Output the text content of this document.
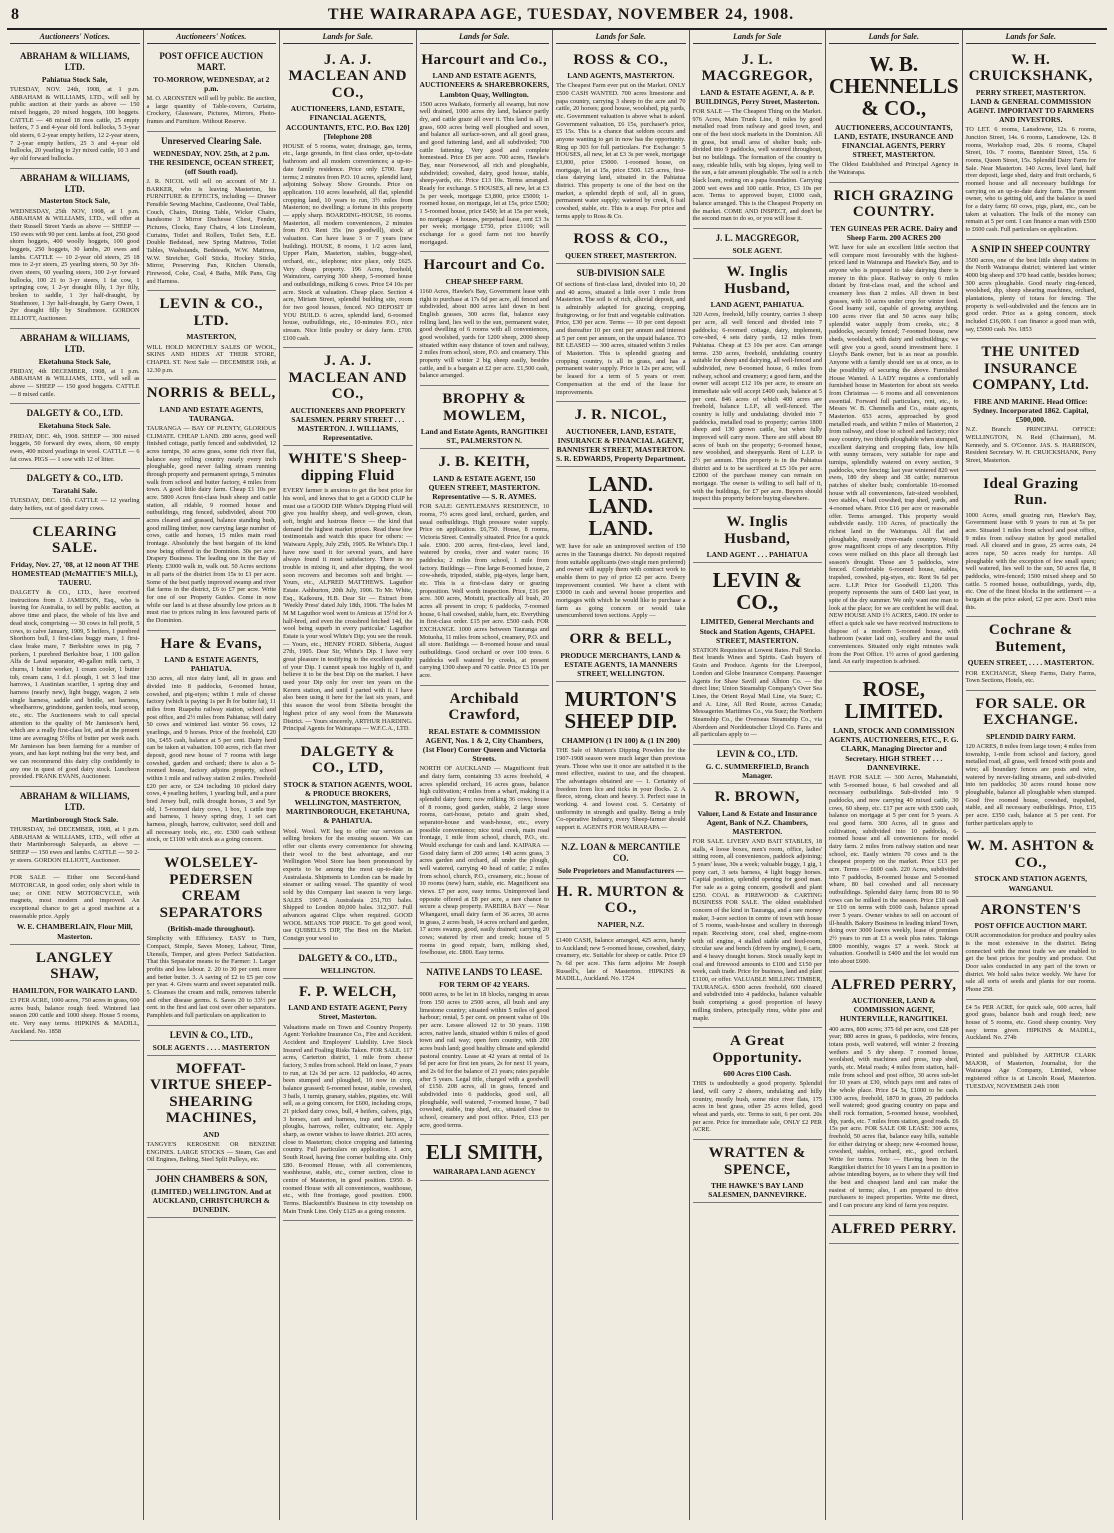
8	THE WAIRARAPA AGE, TUESDAY, NOVEMBER 24, 1908.
Auctioneers' Notices.
ABRAHAM & WILLIAMS, LTD.
Pahiatua Stock Sale,
TUESDAY, NOV. 24th, 1908, at 1 p.m. ABRAHAM & WILLIAMS, LTD., will sell by public auction at their yards as above — 150 mixed hoggets, 20 mixed hoggets, 100 hoggets. CATTLE — 48 mixed 18 mos cattle, 25 empty heifers, 7 3 and 4-year old ford. bullocks, 5 3-year old steers, 6 2-year empty heifers, 12 2-year steers, 7 2-year empty heifers, 25 3 and 4-year old bullocks, 20 yearling to 2yr mixed cattle, 10 3 and 4yr old forward bullocks.
ABRAHAM & WILLIAMS, LTD.
Masterton Stock Sale,
WEDNESDAY, 25th NOV, 1908, at 1 p.m. ABRAHAM & WILLIAMS, LTD., will offer at their Russell Street Yards as above — SHEEP — 150 ewes with 90 per cent. lambs at foot, 250 good shorn hoggets, 400 woolly hoggets, 100 good hoggets, 250 hoggets, 30 lambs, 20 ewes and lambs. CATTLE — 10 2-year old steers, 25 18 mos to 2-yr steers, 25 yearling steers, 50 3yr 3ft-riven steers, 60 yearling steers, 100 2-yr forward bullocks, 100 21 to 3-yr steers, 1 fat cow, 1 springing cow, 1 2-yr draught filly, 1 3yr filly, broken to saddle, 1 3yr half-draught, by Strathmore, 1 3yr half-draught, by Garry Owen, 1 2yr draught filly by Strathmore. GORDON ELLIOTT, Auctioneer.
ABRAHAM & WILLIAMS, LTD.
Eketahuna Stock Sale,
FRIDAY, 4th DECEMBER, 1908, at 1 p.m. ABRAHAM & WILLIAMS, LTD., will sell as above — SHEEP — 150 good hoggets. CATTLE — 8 mixed cattle.
DALGETY & CO., LTD.
Eketahuna Stock Sale.
FRIDAY, DEC. 4th, 1908. SHEEP — 300 mixed hoggets, 50 forward dry ewes, shorn, 60 empty ewes, 400 mixed yearlings in wool. CATTLE — 6 fat cows. PIGS — 1 sow with 12 of litter.
DALGETY & CO., LTD.
Taratahi Sale.
TUESDAY, DEC. 15th. CATTLE — 12 yearling dairy heifers, out of good dairy cows.
CLEARING SALE.
Friday, Nov. 27, '08, at 12 noon AT THE HOMESTEAD (McMATTIE'S MILL), TAUERU.
DALGETY & CO., LTD., have received instructions from J. JAMIESON, Esq., who is leaving for Australia, to sell by public auction, at above time and place, the whole of his live and dead stock, comprising — 30 cows in full profit, 5 cows, to calve January, 1909, 5 heifers, 1 purebred Shorthorn bull, 1 first-class buggy mare, 1 first-class brake mare, 7 Berkshire sows in pig, 7 porkers, 1 purebred Berkshire boar, 1 100 gallon Alfa de Laval separator, 40-gallon milk carts, 3 churns, 1 butter worker, 1 cream cooler, 1 butter tub, cream cans, 1 d.f. plough, 1 set 3 leaf tine harrows, 1 Austinian scarifier, 1 spring dray and harness (nearly new), light buggy, wagon, 2 sets single harness, saddle and bridle, set harness, wheelbarrow, grindstone, garden tools, mud scoop, etc., etc. The Auctioneers wish to call special attention to the quality of Mr Jamieson's herd, which are a really first-class lot, and at the present time are averaging 5½lbs of butter per week each. Mr Jamieson has been farming for a number of years, and has kept nothing but the very best, and we can recommend this dairy clip confidently to any one in quest of good dairy stock. Luncheon provided. FRANK EVANS, Auctioneer.
ABRAHAM & WILLIAMS, LTD.
Martinborough Stock Sale.
THURSDAY, 3rd DECEMBER, 1908, at 1 p.m. ABRAHAM & WILLIAMS, LTD., will offer at their Martinborough Saleyards, as above — SHEEP — 150 ewes and lambs. CATTLE — 50 2-yr steers. GORDON ELLIOTT, Auctioneer.
FOR SALE — Either one Second-hand MOTORCAR, in good order, only short while in use; or ONE NEW MOTORCYCLE, with magnets, most modern and improved. An exceptional chance to get a good machine at a reasonable price. Apply
W. E. CHAMBERLAIN, Flour Mill, Masterton.
LANGLEY SHAW,
HAMILTON, FOR WAIKATO LAND.
£3 PER ACRE, 1000 acres, 750 acres in grass, 600 acres bush, balance rough feed. Wintered last season 200 cattle and 1000 sheep. House 5 rooms, etc. Very easy terms. HIPKINS & MADILL, Auckland. No. 1858
Auctioneers' Notices.
POST OFFICE AUCTION MART.
TO-MORROW, WEDNESDAY, at 2 p.m.
M. O. ARONSTEN will sell by public. Be auction, a large quantity of Table-covers, Curtains, Crockery, Glassware, Pictures, Mirrors, Photo-frames and Furniture. Without Reserve.
Unreserved Clearing Sale.
WEDNESDAY, NOV. 25th, at 2 p.m. THE RESIDENCE, OCEAN STREET, (off South road).
J. R. NICOL will sell on account of Mr J. BARKER, who is leaving Masterton, his FURNITURE & EFFECTS, including — Drawer Fensible Sewing Machine, Castleonne, Oval Table, Couch, Chairs, Dining Table, Wicker Chairs, handsome 3 Mirror Duchesse Chest, Fender, Pictures, Clocks, Easy Chairs, 4 lots Linoleum, Curtains, Toilet and Rollers, Toilet Sets, E.E. Double Bedstead, new Spring Mattress, Toilet Tables, Washstands, Bedsteads, W.W. Mattress, W.W. Stretcher, Golf Sticks, Hockey Sticks, Mirror, Preserving Pan, Kitchen Utensils, Firewood, Coke, Coal, 4 Baths, Milk Pans, Gig and Harness.
LEVIN & CO., LTD.
MASTERTON,
WILL HOLD MONTHLY SALES OF WOOL, SKINS AND HIDES AT THEIR STORE, CHAPEL ST. Next Sale — DECEMBER 16th, at 12.30 p.m.
NORRIS & BELL,
LAND AND ESTATE AGENTS, TAURANGA.
TAURANGA — BAY OF PLENTY, GLORIOUS CLIMATE. CHEAP LAND. 280 acres, good well finished cottage, partly fenced and subdivided, 12 acres turnips, 30 acres grass, some rich river flat, balance easy rolling country nearly every inch ploughable, good never failing stream running through property and permanent springs, 5 minutes walk from school and butter factory, 4 miles from town. A good little dairy farm. Cheap £1 10s per acre. 5800 Acres first-class bush sheep and cattle station, all ridable, 9 roomed house and outbuildings, ring fenced, subdivided, about 700 acres cleared and grassed, balance standing bush, good milling timber, now carrying large number of cows, cattle and horses, 15 miles main road frontage. Absolutely the best bargain of its kind now being offered in the Dominion. 30s per acre. Drapery Business. The leading one in the Bay of Plenty. £3000 walk in, walk out. 50 Acres sections in all parts of the district from 15s to £1 per acre. Some of the best partly improved swamp and river flat farms in the district, £6 to £7 per acre. Write for one of our Property Guides. Come in now while our land is at these absurdly low prices as it must rise to prices ruling in less favoured parts of the Dominion.
Hare & Evans,
LAND & ESTATE AGENTS, PAHIATUA.
130 acres, all nice dairy land, all in grass and divided into 8 paddocks, 6-roomed house, cowshed, and pig-styes; within 1 mile of cheese factory (which is paying 1s per lb for butter fat), 11 miles from Ruapehu railway station, school and post office, and 2½ miles from Pahiatua; will dairy 50 cows and wintered last winter 56 cows, 12 yearlings, and 9 horses. Price of the freehold, £20 10s, £455 cash, balance at 5 per cent. Dairy herd can be taken at valuation. 100 acres, rich flat river deposit, good new house of 7 rooms with large cowshed, garden and orchard; there is also a 5-roomed house, factory adjoins property, school within 1 mile and railway station 2 miles. Freehold £20 per acre, or £24 including 10 picked dairy cows, 4 yearling heifers, 1 yearling bull, and a pure bred Jersey bull, milk drought horses, 3 and 5yr old, 1 5-roomed dairy cows, 1 box, 1 cattle trap and harness, 1 heavy spring dray, 1 set cart harness, plough, harrow, cultivator, seed drill and all necessary tools, etc., etc. £300 cash without stock, or £1100 with stock as a going concern.
WOLSELEY-PEDERSEN CREAM SEPARATORS
(British-made throughout).
Simplicity with Efficiency. EASY to Turn, Compact, Simple, Saves Money, Labour, Time, Utensils, Temper, and gives Perfect Satisfaction. That this Separator means to the Farmer: 1. Larger profits and less labour. 2. 20 to 30 per cent. more and better butter. 3. A saving of £2 to £5 per cow per year. 4. Gives warm and sweet separated milk. 5. Cleanses the cream and milk, removes tubercle and other disease germs. 6. Saves 20 to 33½ per cent. in the first and last cost over other separators. Pamphlets and full particulars on application to
LEVIN & CO., LTD.,
SOLE AGENTS . . . . MASTERTON
MOFFAT-VIRTUE SHEEP-SHEARING MACHINES,
AND
TANGYE'S KEROSENE OR BENZINE ENGINES. LARGE STOCKS — Steam, Gas and Oil Engines, Belting, Steel Split Pulleys, etc.
JOHN CHAMBERS & SON,
(LIMITED.) WELLINGTON. And at AUCKLAND, CHRISTCHURCH & DUNEDIN.
Lands for Sale.
J. A. J. MACLEAN AND CO.,
AUCTIONEERS, LAND, ESTATE, FINANCIAL AGENTS, ACCOUNTANTS, ETC. P.O. Box 120] [Telephone 208
HOUSE of 5 rooms, water, drainage, gas, terms, etc., large grounds, in first class order, up-to-date bathroom and all modern conveniences; a up-to-date family residence. Price only £700. Easy terms; 2 minutes from P.O. 10 acres, splendid land, adjoining Solway Show Grounds. Price on application. 110 acres leasehold, all flat, splendid cropping land, 10 years to run, 3½ miles from Masterton; no dwelling; a fortune in this property — apply sharp. BOARDING-HOUSE, 16 rooms. Masterton, all modern conveniences, 2 minutes from P.O. Rent 35s (no goodwill), stock at valuation. Can have lease 3 or 7 years (new building). HOUSE, 8 rooms, 1 1/2 acres land, Upper Plain, Masterton, stables, buggy-shed, orchard, etc., telephone; nice place, only £625. Very cheap property. 196 Acres, freehold, Wainuioru, carrying 300 sheep, 5-roomed house and outbuildings, milking 6 cows. Price £4 10s per acre. Stock at valuation. Cheap place. Section 4 acre, Miriam Street, splendid building site, room for two good houses, fenced. NO DEPOSIT IF YOU BUILD. 6 acres, splendid land, 6-roomed house, outbuildings, etc., 10-minutes P.O., nice stream. Nice little poultry or dairy farm. £700. £100 cash.
J. A. J. MACLEAN AND CO.,
AUCTIONEERS AND PROPERTY SALESMEN. PERRY STREET . . . MASTERTON. J. WILLIAMS, Representative.
WHITE'S Sheep-dipping Fluid
EVERY farmer is anxious to get the best price for his wool, and knows that to get a GOOD CLIP he must use a GOOD DIP. White's Dipping Fluid will give you healthy sheep, and well-grown, clean, soft, bright and lustrous fleece — the kind that demand the highest market prices. Read these few testimonials and watch this space for others: — Waiwaru Apply, July 25th, 1905. Re White's Dip. I have now used it for several years, and have always found it most satisfactory. There is no trouble in mixing it, and after dipping, the wool soon recovers and becomes soft and bright. — Yours, etc., ALFRED MATTHEWS. Laguthor Estate. Ashburton, 20th July, 1906. To Mr. White, Esq., Kaikoura, H.B. Dear Sir — Extract from 'Weekly Press' dated July 18th, 1906. 'The bales M M M Laguthor wool went to Amicus at 15½d for A half-bred, and even the crossbred fetched 14d, the wool being superb in every particular.' Laguthor Estate is your wool White's Dip; you see the result. — Yours, etc., HENRY FORD. Sibberia, August 27th, 1905. Dear Sir, White's Dip. I have very great pleasure in testifying to the excellent quality of your Dip. I cannot speak too highly of it, and believe it to be the best Dip on the market. I have used your Dip only for over ten years on the Kereru station, and until I parted with it. I have also been using it here for the last six years, and this season the wool from Sibeiia brought the highest price of any wool from the Manawatu District. — Yours sincerely, ARTHUR HARDING. Principal Agents for Wairarapa — W.F.C.A., LTD.
DALGETY & CO., LTD,
STOCK & STATION AGENTS, WOOL & PRODUCE BROKERS, WELLINGTON, MASTERTON, MARTINBOROUGH, EKETAHUNA, & PAHIATUA.
Wool. Wool. WE beg to offer our services as selling brokers for the ensuing season. We can offer our clients every convenience for showing their wool to the best advantage, and our Wellington Wool Store has been pronounced by experts to be among the most up-to-date in Australasia. Shipments to London can be made by steamer or sailing vessel. The quantity of wool sold by this Company last season is very large. SALES 1907-8. Australasia 251,703 bales. Shipped to London 80,000 bales. 312,307. Full advances against Clips when required. GOOD WOOL MEANS TOP PRICE. To get good wool, use QUIBELL'S DIP, The Best on the Market. Consign your wool to
DALGETY & CO., LTD.,
WELLINGTON.
F. P. WELCH,
LAND AND ESTATE AGENT, Perry Street, Masterton.
Valuations made on Town and Country Property. Agent: Yorkshire Insurance Co., Fire and Accident. Accident and Employers' Liability. Live Stock Insured and Foaling Risks Taken. FOR SALE. 117 acres, Carterton district, 1 mile from cheese factory, 3 miles from school. Held on lease, 7 years to run, at 12s 3d per acre. 12 paddocks, 40 acres, been stumped and ploughed, 10 now in crop, balance grassed; 6-roomed house, stable, cowshed, 3 bails, 1 turnip, granary, stables, pigsties, etc. Will sell, as a going concern, for £600, including crops, 21 picked dairy cows, bull, 4 heifers, calves, pigs, 3 horses, cart and harness, trap and harness, 2 ploughs, harrows, roller, cultivator, etc. Apply sharp, as owner wishes to leave district. 203 acres, close to Masterton; choice cropping and fattening country. Full particulars on application. 1 acre, South Road, having fine corner building site. Only £80. 8-roomed House, with all conveniences, washhouse, stable, etc., corner section, close to centre of Masterton, in good position. £950. 8-roomed House with all conveniences, washhouse, etc., with fine frontage, good position. £900. Terms. Blacksmith's Business in city township on Main Trunk Line. Only £125 as a going concern.
Lands for Sale.
Harcourt and Co.,
LAND AND ESTATE AGENTS, AUCTIONEERS & SHAREBROKERS, Lambton Quay, Wellington.
1500 acres Waikato, formerly all swamp, but now well drained, 1000 acres dry land, balance partly dry, and cattle graze all over it. This land is all in grass, 600 acres being well ploughed and sown, and balance all surface-sown, and all good grass, and good fattening land, and all subdivided; 700 cattle fattening. Very good and complete homestead. Price £6 per acre. 700 acres, Hawke's Bay, near Norsewood, all rich and ploughable, subdivided; cowshed, dairy, good house, stable, sheep-yards, etc. Price £13 10s. Terms arranged. Ready for exchange. 5 HOUSES, all new, let at £3 3s per week, mortgage £3,800, price £5000; 1-roomed house, on mortgage, let at 15s, price £500; 1 5-roomed house, price £450; let at 15s per week, no mortgage. 4 houses, perpetual lease, rent £3 3s per week; mortgage £750, price £1100; will exchange for a good farm not too heavily mortgaged.
Harcourt and Co.
CHEAP SHEEP FARM.
1160 Acres, Hawke's Bay, Government lease with right to purchase at 17s 6d per acre, all fenced and subdivided, about 800 acres laid down in best English grasses, 300 acres flat, balance easy rolling land, lies well to the sun, permanent water, good dwelling of 6 rooms with all conveniences, good woolshed, yards for 1200 sheep, 2000 sheep situated within easy distance of town and railway, 2 miles from school, store, P.O. and creamery. This property will winter 2 big sheep easily, besides cattle, and is a bargain at £2 per acre. £1,500 cash, balance arranged.
BROPHY & MOWLEM,
Land and Estate Agents, RANGITIKEI ST., PALMERSTON N.
J. B. KEITH,
LAND & ESTATE AGENT, 150 QUEEN STREET, MASTERTON. Representative — S. R. AYMES.
FOR SALE: GENTLEMAN'S RESIDENCE, 10 rooms, 7½ acres good land, orchard, garden, and usual outbuildings. High pressure water supply. Price on application. £6,750. House, 8 rooms, Victoria Street. Centrally situated. Price for a quick sale. £900. 200 acres, first-class, level land, watered by creeks, river and water races; 16 paddocks; 2 miles from school, 1 mile from factory. Buildings — Fine large 8-roomed house, 2 cow-sheds, tripoded, stable, pig-styes, large barn, etc. This is a first-class dairy or grazing proposition. Well worth inspection. Price, £16 per acre. 300 acres, Motuiti, practically all bush, 20 acres all present in crop; 6 paddocks, 7-roomed house, 6 bail cowshed, stable, barn, etc. Everything in first-class order. £15 per acre. £500 cash. FOR EXCHANGE. 1000 acres between Tauranga and Motuoha, 11 miles from school, creamery, P.O. and all store. Buildings — 8-roomed house and usual outbuildings. Good orchard or over 100 trees. 6 paddocks well watered by creeks, at present carrying 1300 sheep and 70 cattle. Price £3 10s per acre.
Archibald Crawford,
REAL ESTATE & COMMISSION AGENT, Nos. 1 & 2, City Chambers, (1st Floor) Corner Queen and Victoria Streets.
NORTH OF AUCKLAND — Magnificent fruit and dairy farm, containing 33 acres freehold, 4 acres splendid orchard, 16 acres grass, balance high cultivation; 4 miles from a wharf, making it a splendid dairy farm; now milking 36 cows; house of 8 rooms, good garden, stable, 2 large store rooms, cart-house, potato and grain shed, separator-house and wash-house, etc., every possible convenience; nice total creek, main road frontage, 1 mile from school, church, P.O., etc. Would exchange for cash and land. KAIPARA — Good dairy farm of 200 acres; 140 acres grass, 3 acres garden and orchard, all under the plough, well watered, carrying 40 head of cattle; 2 miles from school, church, P.O., creamery, etc.; house of 10 rooms (new) barn, stable, etc. Magnificent sea views. £7 per acre, easy terms. Unimproved land opposite offered at £8 per acre, a rare chance to secure a cheap property. PAREIRA BAY — Near Whangarei, small dairy farm of 36 acres, 30 acres in grass, 2 acres bush, 14 acres orchard and garden, 17 acres swamp, good, easily drained; carrying 20 cows; watered by river and creek; house of 5 rooms in good repair, barn, milking shed, fowlhouse, etc. £800. Easy terms.
NATIVE LANDS TO LEASE.
FOR TERM OF 42 YEARS.
9000 acres, to be let in 18 blocks, ranging in areas from 150 acres to 2500 acres, all bush and any limestone country; situated within 5 miles of good harbour; rental, 5 per cent. on present value of 10s per acre. Lessee allowed 12 to 30 years. 1198 acres, native lands, situated within 6 miles of good town and rail way; open fern country, with 200 acres bush land; good healthy climate and splendid pastoral country. Lease at 42 years at rental of 1s 6d per acre for first ten years, 2s for next 11 years, and 2s 6d for the balance of 21 years; rates payable after 5 years. Legal title, charged with a goodwill of £150. 208 acres, all in grass, fenced and subdivided into 6 paddocks, good soil, all ploughable, well watered, 7-roomed house, 7 bail cowshed, stable, trap shed, etc., situated close to school, creamery and post office. Price, £13 per acre, good terms.
ELI SMITH,
WAIRARAPA LAND AGENCY
Lands for Sale.
ROSS & CO.,
LAND AGENTS, MASTERTON.
The Cheapest Farm ever put on the Market. ONLY £500 CASH WANTED. 700 acres limestone and papa country, carrying 3 sheep to the acre and 70 cattle, 20 horses; good house, woolshed, pig yards, etc. Government valuation is above what is asked. Government valuation, £6 15s, purchaser's price, £5 15s. This is a chance that seldom occurs and anyone wanting to get in now has the opportunity. Ring up 303 for full particulars. For Exchange: 5 HOUSES, all new, let at £3 3s per week, mortgage £3,800, price £5000. 1-roomed house, on mortgage, let at 15s, price £500. 125 acres, first-class dairying land, situated in the Pahiatua district. This property is one of the best on the market, a splendid depth of soil, all in grass, permanent water supply; watered by creek, 6 bail cowshed, stable, etc. This is a snap. For price and terms apply to Ross & Co.
ROSS & CO.,
QUEEN STREET, MASTERTON.
SUB-DIVISION SALE
Of sections of first-class land, divided into 10, 20 and 40 acres, situated a little over 1 mile from Masterton. The soil is of rich, alluvial deposit, and is admirably adapted for grazing, cropping, fruitgrowing, or for fruit and vegetable cultivation. Price, £30 per acre. Terms — 10 per cent deposit and thereafter 10 per cent per annum and interest at 5 per cent per annum, on the unpaid balance. TO BE LEASED — 300 acres, situated within 3 miles of Masterton. This is splendid grazing and cropping country, is all in grass, and has a permanent water supply. Price is 12s per acre; will be leased for a term of 5 years or over. Compensation at the end of the lease for improvements.
J. R. NICOL,
AUCTIONEER, LAND, ESTATE, INSURANCE & FINANCIAL AGENT, BANNISTER STREET, MASTERTON. S. R. EDWARDS, Property Department.
LAND. LAND. LAND.
WE have for sale an unimproved section of 150 acres in the Tauranga district. No deposit required from suitable applicants (two single men preferred) and owner will supply them with contract work to enable them to pay of price £2 per acre. Every improvement counted. We have a client with £3000 in cash and several house properties and mortgages with which he would like to purchase a farm as going concern or would take unencumbered town sections. Apply —
ORR & BELL,
PRODUCE MERCHANTS, LAND & ESTATE AGENTS, 1A MANNERS STREET, WELLINGTON.
MURTON'S SHEEP DIP.
CHAMPION (1 IN 100) & (1 IN 200)
THE Sale of Murton's Dipping Powders for the 1907-1908 season were much larger than previous years. Those who use it once are satisfied it is the most effective, easiest to use, and the cheapest. The advantages obtained are — 1. Certainty of freedom from lice and ticks in your flocks. 2. A fleece, strong, clean and heavy. 3. Perfect ease in working. 4. and lowest cost. 5. Certainty of uniformity in strength and quality. Being a truly Co-operative Industry, every Sheep-farmer should support it. AGENTS FOR WAIRARAPA —
N.Z. LOAN & MERCANTILE CO.
Sole Proprietors and Manufacturers —
H. R. MURTON & CO.,
NAPIER, N.Z.
£1400 CASH, balance arranged, 425 acres, handy to Auckland; new 5-roomed house, cowshed, dairy, creamery, etc. Suitable for sheep or cattle. Price £9 7s 6d per acre. This farm adjoins Mr Joseph Russell's, late of Masterton. HIPKINS & MADILL, Auckland. No. 1724
Lands for Sale
J. L. MACGREGOR,
LAND & ESTATE AGENT, A. & P. BUILDINGS, Perry Street, Masterton.
FOR SALE — The Cheapest Thing on the Market. 976 Acres, Main Trunk Line, 8 miles by good metalled road from railway and good town, and one of the best stock markets in the Dominion. All in grass, but small area of shelter bush; sub-divided into 9 paddocks, well watered throughout, but no buildings. The formation of the country is easy, rideable hills, with big slopes, lying well to the sun, a fair amount ploughable. The soil is a rich black loam, resting on a papa foundation. Carrying 2000 wet ewes and 100 cattle. Price, £3 10s per acre. Terms to approved buyer, £1000 cash, balance arranged. This is the Cheapest Property on the market. COME AND INSPECT, and don't be the second man to do so, or you will lose it.
J. L. MACGREGOR,
SOLE AGENT.
W. Inglis Husband,
LAND AGENT, PAHIATUA.
320 Acres, freehold, hilly country, carries 3 sheep per acre, all well fenced and divided into 7 paddocks; 6-roomed cottage, dairy, implement, cow-shed, 4 sets dairy yards, 12 miles from Pahiatua. Cheap at £3 10s per acre. Can arrange terms. 230 acres, freehold, undulating country suitable for sheep and dairying, all well-fenced and subdivided, new 8-roomed house, 6 miles from railway, school and creamery; a good farm, and the owner will accept £12 10s per acre, to ensure an immediate sale will accept £400 cash, balance at 5 per cent. 846 acres of which 400 acres are freehold, balance L.I.P., all well-fenced. The country is hilly and undulating; divided into 7 paddocks, metalled road to property; carries 1800 sheep and 130 grown cattle, but when fully improved will carry more. There are still about 80 acres of bush on the property; 6-roomed house, new woolshed, and sheepyards. Rent of L.I.P. is 2½ per annum. This property is in the Pahiatua district and is to be sacrificed at £5 10s per acre. £2000 of the purchase money can remain on mortgage. The owner is willing to sell half of it, with the buildings, for £7 per acre. Buyers should inspect this property before buying elsewhere.
W. Inglis Husband,
LAND AGENT . . . PAHIATUA
LEVIN & CO.,
LIMITED, General Merchants and Stock and Station Agents, CHAPEL STREET, MASTERTON.
STATION Requisites at Lowest Rates. Full Stocks. Best brands Wines and Spirits. Cash buyers of Grain and Produce. Agents for the Liverpool, London and Globe Insurance Company. Passenger Agents for Shaw Savill and Albion Co. — the direct line; Union Steamship Company's Over Sea Lines, the Orient Royal Mail Line, via Suez; C. and A. Line, All Red Route, across Canada; Messageries Maritimes Co., via Suez; the Northern Steamship Co., the Overseas Steamship Co., via Aberdeen and Norddeutscher Lloyd Co. Fares and all particulars apply to —
LEVIN & CO., LTD.
G. C. SUMMERFIELD, Branch Manager.
R. BROWN,
Valuer, Land & Estate and Insurance Agent, Bank of N.Z. Chambers, MASTERTON.
FOR SALE. LIVERY AND BAIT STABLES, 18 stalls, 4 loose boxes, men's room, office, ladies' sitting room, all conveniences, paddock adjoining; 5 years' lease, 30s a week; valuable buggy, 1 gig, 1 pony cart, 3 sets harness, 4 light buggy horses. Capital position, splendid opening for good man. For sale as a going concern, goodwill and plant £250. COAL & FIREWOOD & CARTING BUSINESS FOR SALE. The oldest established concern of the kind in Tauranga, and a rare money maker, 3-acre section in centre of town with house of 5 rooms, wash-house and scullery in thorough repair. Receiving store, coal shed, engine-room with oil engine, 4 stalled stable and feed-room, circular saw and bench (driven by engine), 6 carts, and 4 heavy draught horses. Stock usually kept in coal and firewood amounts to £100 and £150 per week, cash trade. Price for business, land and plant £1100, or offer. VALUABLE MILLING TIMBER, TAURANGA. 6500 acres freehold, 600 cleared and subdivided into 4 paddocks, balance valuable bush comprising a good proportion of heavy milling timbers, principally rimu, white pine and maple.
A Great Opportunity.
600 Acres £100 Cash.
THIS is undoubtedly a good property. Splendid land, will carry 2 sheers, undulating and hilly country, mostly bush, some nice river flats, 175 acres in best grass, other 25 acres felled, good wheat and yards, etc. Terms to suit, 6 per cent. 20s per acre. Price for immediate sale, ONLY £2 PER ACRE.
WRATTEN & SPENCE,
THE HAWKE'S BAY LAND SALESMEN, DANNEVIRKE.
Lands for Sale.
W. B. CHENNELLS & CO.,
AUCTIONEERS, ACCOUNTANTS, LAND, ESTATE, INSURANCE AND FINANCIAL AGENTS, PERRY STREET, MASTERTON.
The Oldest Established and Principal Agency in the Wairarapa.
RICH GRAZING COUNTRY.
TEN GUINEAS PER ACRE. Dairy and Sheep Farm. 200 ACRES 200
WE have for sale an excellent little section that will compare most favourably with the highest-priced land in Wairarapa and Hawke's Bay, and to anyone who is prepared to take dairying there is money in this place. Railway to only 6 miles distant by first-class road, and the school and creamery less than 2 miles. All down in best grasses, with 10 acres under crop for winter feed. Good loamy soil, capable of growing anything. 100 acres river flat and 50 acres easy hills; splendid water supply from creeks, etc.; 8 paddocks, securely fenced; 7-roomed house, new sheds, woolshed, with dairy and outbuildings; we will give you a good, sound investment here. 1 Lloyd's Bank owner, but is as near as possible. Anyone with a family should see us at once, as to the possibility of securing the above. Furnished House Wanted. A LADY requires a comfortably furnished house in Masterton for about six weeks from Christmas — 6 rooms and all conveniences essential. Forward full particulars, rent, etc., to Messrs W. B. Chennells and Co., estate agents, Masterton. 653 acres, approached by good metalled roads, and within 7 miles of Masterton, 2 from railway, and close to school and factory; nice easy country, two thirds ploughable when stumped, excellent dairying and cropping flats, low hills with sunny terraces, very suitable for rape and turnips, splendidly watered on every section, 9 paddocks, wire fencing; last year wintered 820 wet ewes, 180 dry sheep and 38 cattle; numerous patches of shelter bush; comfortable 10-roomed house with all conveniences, fair-sized woolshed, two stables, 4 bail cowshed, trap shed, yards, and 4-roomed whare. Price £16 per acre or reasonable offer. Terms arranged. This property would subdivide easily. 110 Acres, of practically the richest land in the Wairarapa. All flat and ploughable, mostly river-made country. Would grow magnificent crops of any description. Fifty cows were milked on this place all through last season's drought. Those are 5 paddocks, wire fenced. Comfortable 6-roomed house, stables, trapshed, cowshed, pig-styes, etc. Rent 9s 6d per acre. L.I.P. Price for Goodwill £1,200. This property represents the sum of £400 last year, in spite of the dry summer. We only want one man to look at the place; for we are confident he will deal. NEW HOUSE AND 1½ ACRES, £400. IN order to effect a quick sale we have received instructions to dispose of a modern 5-roomed house, with bathroom (water laid on), scullery and the usual conveniences. Situated only eight minutes walk from the Post Office. 1½ acres of good gardening land. An early inspection is advised.
ROSE, LIMITED.
LAND, STOCK AND COMMISSION AGENTS, AUCTIONEERS, ETC., F. G. CLARK, Managing Director and Secretary. HIGH STREET . . . DANNEVIRKE.
HAVE FOR SALE — 300 Acres, Mahanatahi, with 5-roomed house, 6 bail cowshed and all necessary outbuildings. Sub-divided into 9 paddocks, and now carrying 40 mixed cattle, 30 cows, 60 sheep, etc. £17 per acre with £500 cash, balance on mortgage at 5 per cent for 5 years. A real good farm. 300 Acres, all in grass and cultivation, subdivided into 10 paddocks, 6-roomed house and all conveniences for model dairy farm. 2 miles from railway station and near school, etc. Easily winters 70 cows and is the cheapest property on the market. Price £13 per acre. Terms — £600 cash. 220 Acres, subdivided into 7 paddocks, 8-roomed house and 5-roomed whare, 80 bail cowshed and all necessary outbuildings. Splendid dairy farm; from 80 to 90 cows can be milked in the season. Price £18 cash or £10 on terms with £600 cash, balance spread over 5 years. Owner wishes to sell on account of ill-health. Bakery Business in leading inland Town, doing over 3000 loaves weekly, lease of premises 2½ years to run at £3 a week plus rates. Takings £800 monthly, wages £7 a week. Stock at valuation. Goodwill is £400 and the lot would run into about £600.
ALFRED PERRY,
AUCTIONEER, LAND & COMMISSION AGENT, HUNTERVILLE, RANGITIKEI.
400 acres, 800 acres; 375 6d per acre, cost £28 per year; 880 acres in grass, 6 paddocks, wire fences, totara posts, well watered, will winter 2 freezing wethers and 5 dry sheep. 7 roomed house, woolshed, with machines and press, trap shed, yards, etc. Metal roads; 4 miles from station, half-mile from school and post office, 30 acres sub-let for 10 years at £30, which pays rent and rates of the whole place. Price £4 5s, £1000 to be cash. 1300 acres, freehold, 1870 in grass, 20 paddocks well watered; good grazing country on papa and shell rock formation, 5-roomed house, woolshed, dip, yards, etc. 7 miles from station, good roads. £6 15s per acre. FOR SALE OR LEASE: 300 acres, freehold, 50 acres flat, balance easy hills, suitable for either dairying or sheep; new 4-roomed house, cowshed, stables, orchard, etc., good orchard. Write for terms. Note — Having been in the Rangitikei district for 10 years I am in a position to advise intending buyers, as to where they will find the best and cheapest land and can make the easiest of terms; also, I am prepared to drive purchasers to inspect properties. Write me direct, and I can procure any kind of farm you require.
ALFRED PERRY.
Lands for Sale.
W. H. CRUICKSHANK,
PERRY STREET, MASTERTON. LAND & GENERAL COMMISSION AGENT. IMPORTANT TO FARMERS AND INVESTORS.
TO LET. 6 rooms, Lansdowne, 12s. 6 rooms, Junction Street, 14s. 6 rooms, Lansdowne, 12s. 8 rooms, Workshop road, 20s. 6 rooms, Chapel Street, 10s. 7 rooms, Bannister Street, 15s. 6 rooms, Queen Street, 15s. Splendid Dairy Farm for Sale. Near Masterton. 140 Acres, level land, half river deposit, large shed, dairy and fruit orchards, 6 roomed house and all necessary buildings for carrying on an up-to-date dairy farm. The present owner, who is getting old, and the balance is used for a dairy farm; 60 cows, pigs, plant, etc., can be taken at valuation. The bulk of the money can remain at 5 per cent. I can finance a man with £500 to £600 cash. Full particulars on application.
A SNIP IN SHEEP COUNTRY
3500 acres, one of the best little sheep stations in the North Wairarapa district; wintered last winter 4000 big sheep and 370 head cattle, besides horses; 300 acres ploughable. Good nearly ring-fenced, woolshed, dip, sheep shearing machines, orchard, plantations, plenty of totara for fencing. The property is well-subdivided and the fences are in good order. Price as a going concern, stock included £16,000. I can finance a good man with, say, £5000 cash. No. 1853
THE UNITED INSURANCE COMPANY, Ltd.
FIRE AND MARINE. Head Office: Sydney. Incorporated 1862. Capital, £500,000.
N.Z. Branch: PRINCIPAL OFFICE: WELLINGTON, N. Reid (Chairman), M. Kennedy, and S. O'Connor. JAS. S. HARRISON, Resident Secretary. W. H. CRUICKSHANK, Perry Street, Masterton.
Ideal Grazing Run.
1000 Acres, small grazing run, Hawke's Bay, Government lease with 9 years to run at 5s per acre. Situated 1 miles from school and post office, 9 miles from railway station by good metalled road. All cleared and in grass, 25 acres oats, 24 acres rape, 50 acres ready for turnips. All ploughable with the exception of few small spurs; well watered, lies well to the sun, 50 acres flat, 8 paddocks, wire-fenced; 1500 mixed sheep and 50 cattle. 5 roomed house, outbuildings, yards, dip, etc. One of the finest blocks in the settlement — a bargain at the price asked, £2 per acre. Don't miss this.
Cochrane & Butement,
QUEEN STREET, . . . . MASTERTON.
FOR EXCHANGE, Sheep Farms, Dairy Farms, Town Sections, Hotels, etc.
FOR SALE. OR EXCHANGE.
SPLENDID DAIRY FARM.
120 ACRES, 8 miles from large town; 4 miles from township, 1-mile from school and factory, good metalled road, all grass, well fenced with posts and wire; all boundary fences are posts and wire, watered by never-failing streams, and sub-divided into ten paddocks; 30 acres round house now ploughable, balance all ploughable when stumped. Good five roomed house, cowshed, trapshed, stable, and all necessary outbuildings. Price, £15 per acre. £350 cash, balance at 5 per cent. For further particulars apply to
W. M. ASHTON & CO.,
STOCK AND STATION AGENTS, WANGANUI.
ARONSTEN'S
POST OFFICE AUCTION MART.
OUR accommodation for produce and poultry sales is the most extensive in the district. Being connected with the most trade we are enabled to get the best prices for poultry and produce. Out Door sales conducted in any part of the town or district. We hold sales twice weekly. We have for sale all sorts of seeds and plants for our rooms. Phone 258.
£4 5s PER ACRE, for quick sale, 600 acres, half good grass, balance bush and rough feed; new house of 5 rooms, etc. Good sheep country. Very easy terms given. HIPKINS & MADILL, Auckland. No. 274b
Printed and published by ARTHUR CLARK MAJOR, of Masterton, Journalist, for the Wairarapa Age Company, Limited, whose registered office is at Lincoln Road, Masterton. TUESDAY, NOVEMBER 24th 1908
